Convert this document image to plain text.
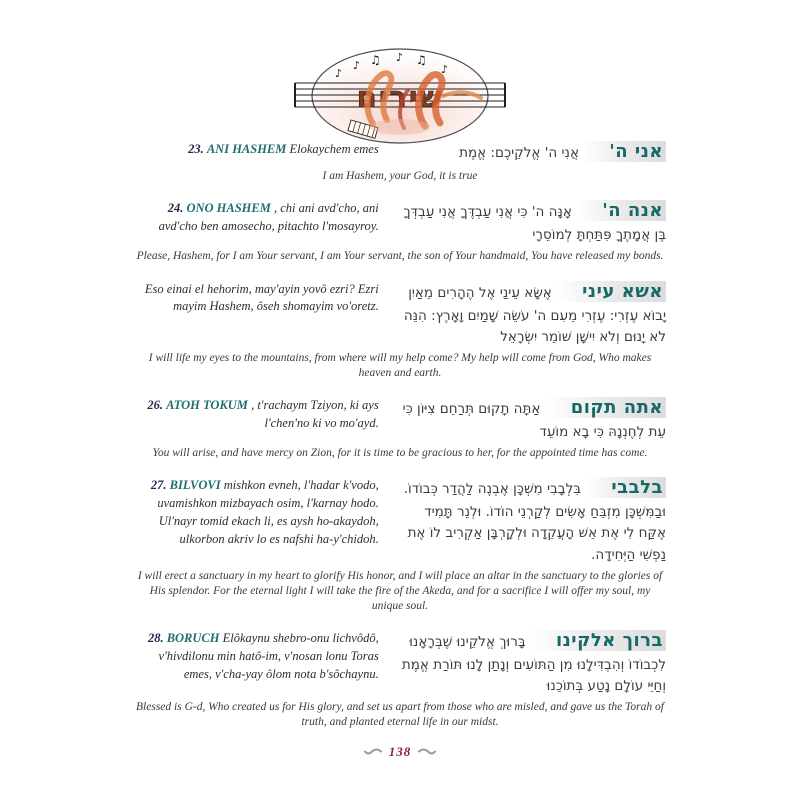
♪
♪ ♫ ♪ ♫
♪
שירים
23. ANI HASHEM Elokaychem emes	אני ה' אֲנִי ה' אֱלֹקֵיכֶם: אֱמֶת
I am Hashem, your God, it is true
24. ONO HASHEM , chi ani avd'cho, ani avd'cho ben amosecho, pitachto l'mosayroy.
אנה ה' אָנָּה ה' כִּי אֲנִי עַבְדֶּךָ אֲנִי עַבְדְּךָ בֶּן אֲמָתֶךָ פִּתַּחְתָּ לְמוֹסֵרָי
Please, Hashem, for I am Your servant, I am Your servant, the son of Your handmaid, You have released my bonds.
Eso einai el hehorim, may'ayin yovô ezri? Ezri mayim Hashem, ôseh shomayim vo'oretz.
אשא עיני אֶשָּׂא עֵינַי אֶל הֶהָרִים מֵאַיִן יָבוֹא עֶזְרִי: עֶזְרִי מֵעִם ה' עֹשֵׂה שָׁמַיִם וָאָרֶץ: הִנֵּה לֹא יָנוּם וְלֹא יִישָׁן שׁוֹמֵר יִשְׂרָאֵל
I will life my eyes to the mountains, from where will my help come? My help will come from God, Who makes heaven and earth.
26. ATOH TOKUM , t'rachaym Tziyon, ki ays l'chen'no ki vo mo'ayd.
אתה תקום אַתָּה תָקוּם תְּרַחֵם צִיּוֹן כִּי עֵת לְחֶנְנָהּ כִּי בָא מוֹעֵד
You will arise, and have mercy on Zion, for it is time to be gracious to her, for the appointed time has come.
27. BILVOVI mishkon evneh, l'hadar k'vodo, uvamishkon mizbayach osim, l'karnay hodo. Ul'nayr tomid ekach li, es aysh ho-akaydoh, ulkorbon akriv lo es nafshi ha-y'chidoh.
בלבבי בִּלְבָבִי מִשְׁכָּן אֶבְנֶה לַהֲדַר כְּבוֹדוֹ. וּבַמִּשְׁכָּן מִזְבֵּחַ אָשִׂים לְקַרְנֵי הוֹדוֹ. וּלְנֵר תָּמִיד אֶקַּח לִי אֶת אֵשׁ הָעֲקֵדָה וּלְקָרְבָּן אַקְרִיב לוֹ אֶת נַפְשִׁי הַיְּחִידָה.
I will erect a sanctuary in my heart to glorify His honor, and I will place an altar in the sanctuary to the glories of His splendor. For the eternal light I will take the fire of the Akeda, and for a sacrifice I will offer my soul, my unique soul.
28. BORUCH Elôkaynu shebro-onu lichvôdô, v'hivdilonu min hatô-im, v'nosan lonu Toras emes, v'cha-yay ôlom nota b'sôchaynu.
ברוך אלקינו בָּרוּךְ אֱלֹקֵינוּ שֶׁבְּרָאָנוּ לִכְבוֹדוֹ וְהִבְדִּילָנוּ מִן הַתּוֹעִים וְנָתַן לָנוּ תּוֹרַת אֱמֶת וְחַיֵּי עוֹלָם נָטַע בְּתוֹכֵנוּ
Blessed is G-d, Who created us for His glory, and set us apart from those who are misled, and gave us the Torah of truth, and planted eternal life in our midst.
138
